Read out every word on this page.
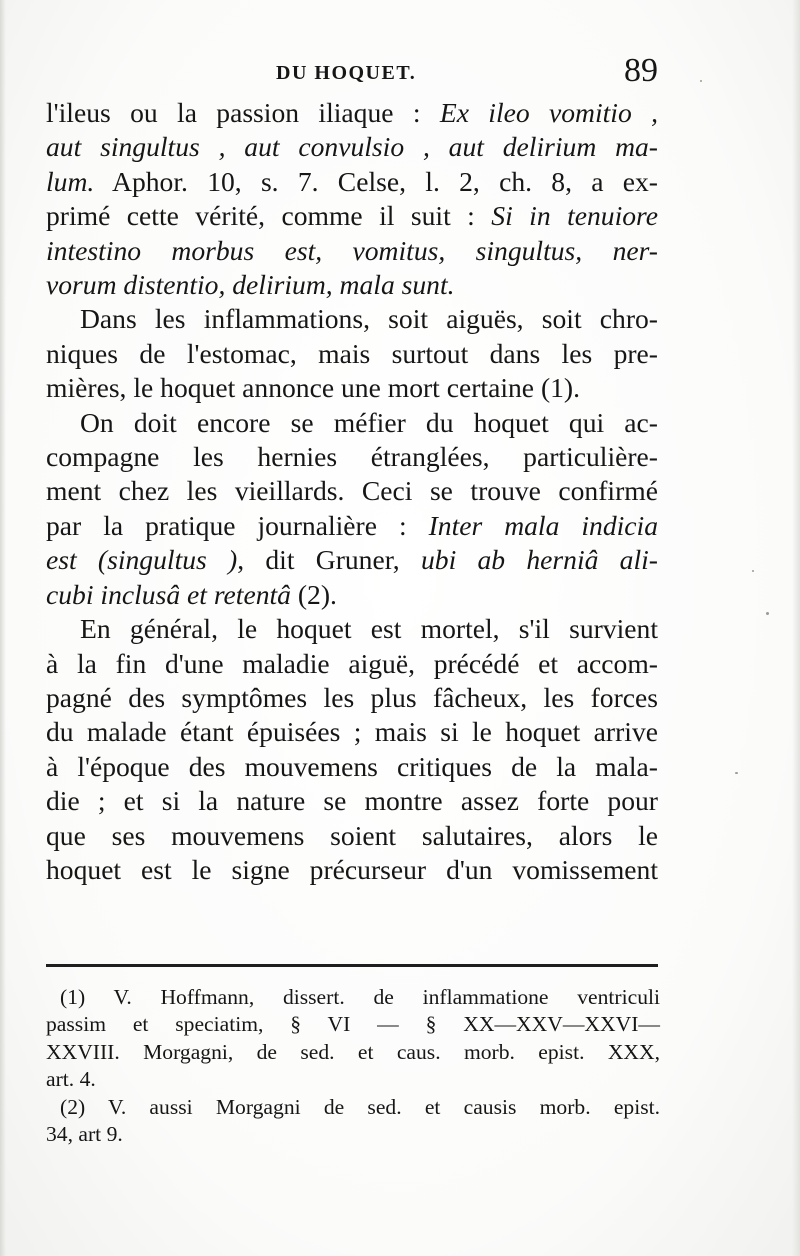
DU HOQUET.	89
l'ileus ou la passion iliaque : Ex ileo vomitio ,
aut singultus , aut convulsio , aut delirium ma-
lum. Aphor. 10, s. 7. Celse, l. 2, ch. 8, a ex-
primé cette vérité, comme il suit : Si in tenuiore
intestino morbus est, vomitus, singultus, ner-
vorum distentio, delirium, mala sunt.
Dans les inflammations, soit aiguës, soit chro-
niques de l'estomac, mais surtout dans les pre-
mières, le hoquet annonce une mort certaine (1).
On doit encore se méfier du hoquet qui ac-
compagne les hernies étranglées, particulière-
ment chez les vieillards. Ceci se trouve confirmé
par la pratique journalière : Inter mala indicia
est (singultus ), dit Gruner, ubi ab herniâ ali-
cubi inclusâ et retentâ (2).
En général, le hoquet est mortel, s'il survient
à la fin d'une maladie aiguë, précédé et accom-
pagné des symptômes les plus fâcheux, les forces
du malade étant épuisées ; mais si le hoquet arrive
à l'époque des mouvemens critiques de la mala-
die ; et si la nature se montre assez forte pour
que ses mouvemens soient salutaires, alors le
hoquet est le signe précurseur d'un vomissement
(1) V. Hoffmann, dissert. de inflammatione ventriculi
passim et speciatim, § VI — § XX—XXV—XXVI—
XXVIII. Morgagni, de sed. et caus. morb. epist. XXX,
art. 4.
(2) V. aussi Morgagni de sed. et causis morb. epist.
34, art 9.
